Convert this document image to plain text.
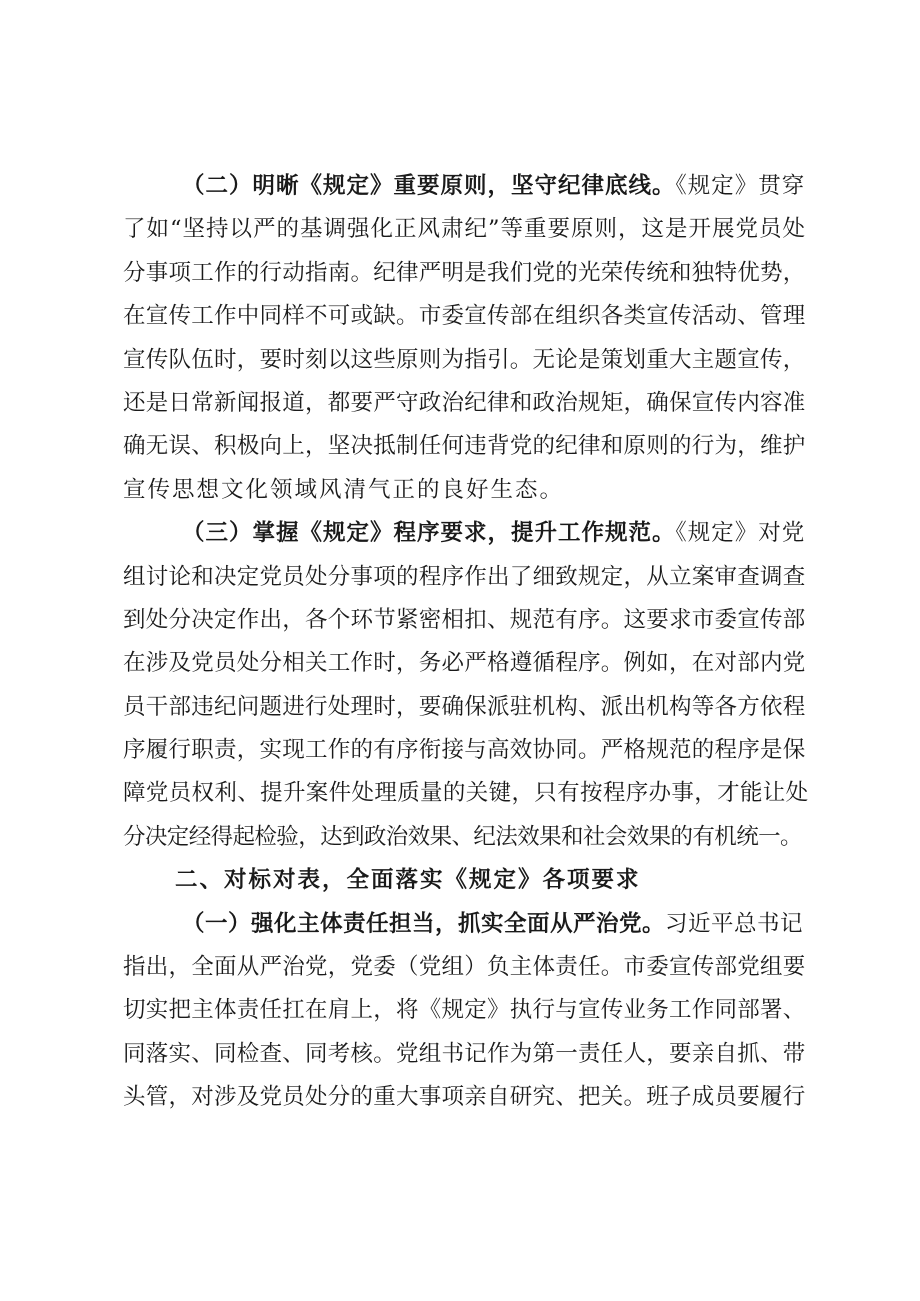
（二）明晰《规定》重要原则，坚守纪律底线。《规定》贯穿
了如“坚持以严的基调强化正风肃纪”等重要原则，这是开展党员处
分事项工作的行动指南。纪律严明是我们党的光荣传统和独特优势，
在宣传工作中同样不可或缺。市委宣传部在组织各类宣传活动、管理
宣传队伍时，要时刻以这些原则为指引。无论是策划重大主题宣传，
还是日常新闻报道，都要严守政治纪律和政治规矩，确保宣传内容准
确无误、积极向上，坚决抵制任何违背党的纪律和原则的行为，维护
宣传思想文化领域风清气正的良好生态。
（三）掌握《规定》程序要求，提升工作规范。《规定》对党
组讨论和决定党员处分事项的程序作出了细致规定，从立案审查调查
到处分决定作出，各个环节紧密相扣、规范有序。这要求市委宣传部
在涉及党员处分相关工作时，务必严格遵循程序。例如，在对部内党
员干部违纪问题进行处理时，要确保派驻机构、派出机构等各方依程
序履行职责，实现工作的有序衔接与高效协同。严格规范的程序是保
障党员权利、提升案件处理质量的关键，只有按程序办事，才能让处
分决定经得起检验，达到政治效果、纪法效果和社会效果的有机统一。
二、对标对表，全面落实《规定》各项要求
（一）强化主体责任担当，抓实全面从严治党。习近平总书记
指出，全面从严治党，党委（党组）负主体责任。市委宣传部党组要
切实把主体责任扛在肩上，将《规定》执行与宣传业务工作同部署、
同落实、同检查、同考核。党组书记作为第一责任人，要亲自抓、带
头管，对涉及党员处分的重大事项亲自研究、把关。班子成员要履行
